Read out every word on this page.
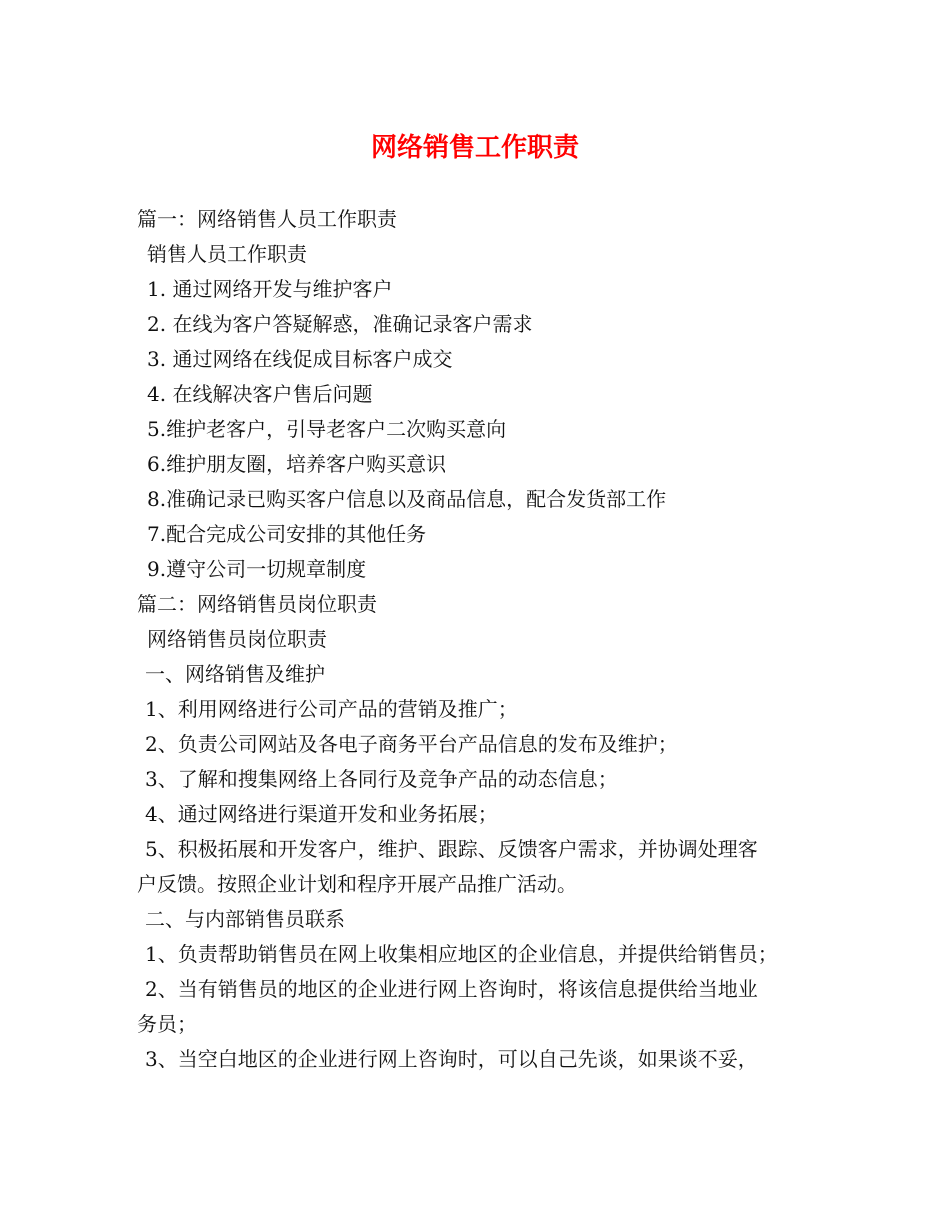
网络销售工作职责

篇一：网络销售人员工作职责

销售人员工作职责

1. 通过网络开发与维护客户

2. 在线为客户答疑解惑，准确记录客户需求

3. 通过网络在线促成目标客户成交

4. 在线解决客户售后问题

5.维护老客户，引导老客户二次购买意向

6.维护朋友圈，培养客户购买意识

8.准确记录已购买客户信息以及商品信息，配合发货部工作

7.配合完成公司安排的其他任务

9.遵守公司一切规章制度

篇二：网络销售员岗位职责

网络销售员岗位职责

一、网络销售及维护

1、利用网络进行公司产品的营销及推广；

2、负责公司网站及各电子商务平台产品信息的发布及维护；

3、了解和搜集网络上各同行及竞争产品的动态信息；

4、通过网络进行渠道开发和业务拓展；

5、积极拓展和开发客户，维护、跟踪、反馈客户需求，并协调处理客

户反馈。按照企业计划和程序开展产品推广活动。

二、与内部销售员联系

1、负责帮助销售员在网上收集相应地区的企业信息，并提供给销售员；

2、当有销售员的地区的企业进行网上咨询时，将该信息提供给当地业

务员；

3、当空白地区的企业进行网上咨询时，可以自己先谈，如果谈不妥，
